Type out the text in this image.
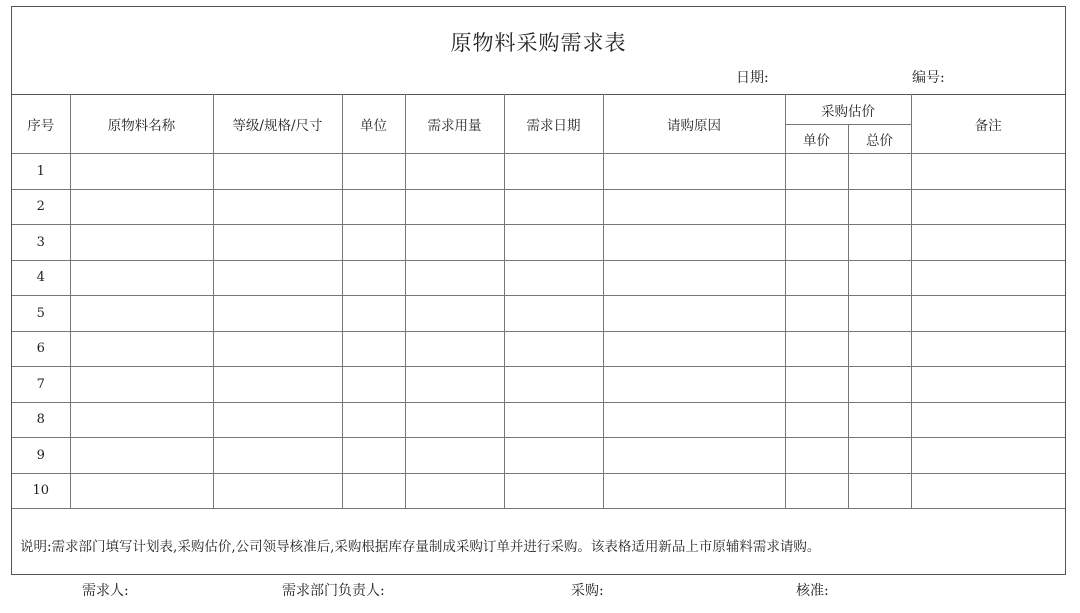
原物料采购需求表
日期:	编号:
序号	原物料名称	等级/规格/尺寸	单位	需求用量	需求日期	请购原因	采购估价		备注
							单价	总价	
1									
2									
3									
4									
5									
6									
7									
8									
9									
10									
说明:需求部门填写计划表,采购估价,公司领导核准后,采购根据库存量制成采购订单并进行采购。该表格适用新品上市原辅料需求请购。
需求人:	需求部门负责人:	采购:	核准:
